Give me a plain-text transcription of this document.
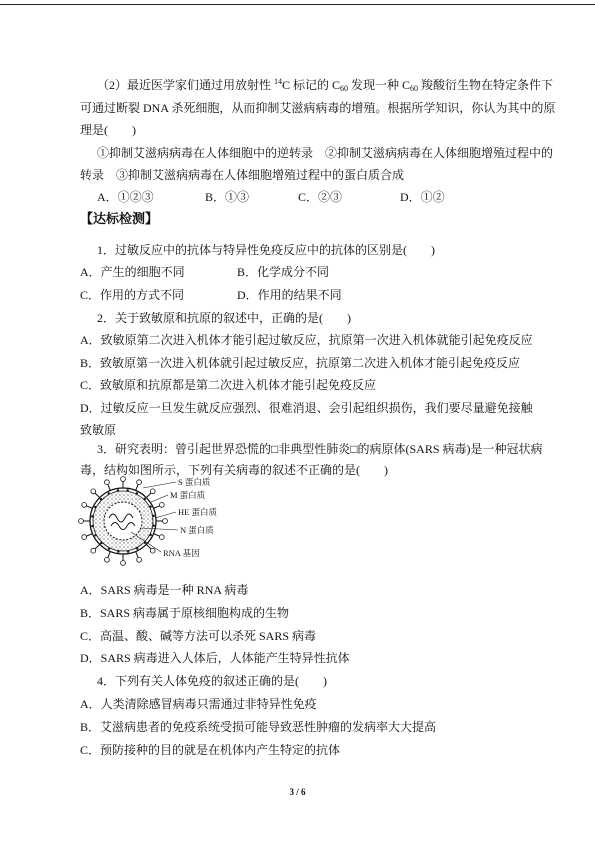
（2）最近医学家们通过用放射性 $^{14}$C 标记的 $C_{60}$ 发现一种 $C_{60}$ 羧酸衍生物在特定条件下
可通过断裂 DNA 杀死细胞，从而抑制艾滋病病毒的增殖。根据所学知识，你认为其中的原
理是(　　)
①抑制艾滋病病毒在人体细胞中的逆转录　②抑制艾滋病病毒在人体细胞增殖过程中的
转录　③抑制艾滋病病毒在人体细胞增殖过程中的蛋白质合成
A．①②③	B．①③	C．②③	D．①②
【达标检测】
1．过敏反应中的抗体与特异性免疫反应中的抗体的区别是(　　)
A．产生的细胞不同	B．化学成分不同
C．作用的方式不同	D．作用的结果不同
2．关于致敏原和抗原的叙述中，正确的是(　　)
A．致敏原第二次进入机体才能引起过敏反应，抗原第一次进入机体就能引起免疫反应
B．致敏原第一次进入机体就引起过敏反应，抗原第二次进入机体才能引起免疫反应
C．致敏原和抗原都是第二次进入机体才能引起免疫反应
D．过敏反应一旦发生就反应强烈、很难消退、会引起组织损伤，我们要尽量避免接触
致敏原
3．研究表明：曾引起世界恐慌的□非典型性肺炎□的病原体(SARS 病毒)是一种冠状病
毒，结构如图所示，下列有关病毒的叙述不正确的是(　　)
S 蛋白质
M 蛋白质
HE 蛋白质
N 蛋白质
RNA 基因
A．SARS 病毒是一种 RNA 病毒
B．SARS 病毒属于原核细胞构成的生物
C．高温、酸、碱等方法可以杀死 SARS 病毒
D．SARS 病毒进入人体后，人体能产生特异性抗体
4．下列有关人体免疫的叙述正确的是(　　)
A．人类清除感冒病毒只需通过非特异性免疫
B．艾滋病患者的免疫系统受损可能导致恶性肿瘤的发病率大大提高
C．预防接种的目的就是在机体内产生特定的抗体
3 / 6
